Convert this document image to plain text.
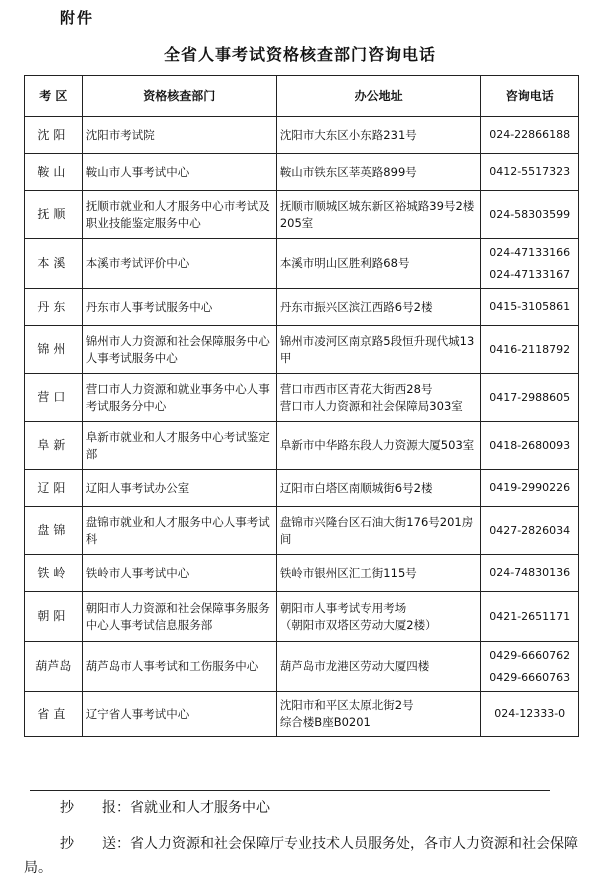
附件
全省人事考试资格核查部门咨询电话
考 区	资格核查部门	办公地址	咨询电话
沈阳	沈阳市考试院	沈阳市大东区小东路231号	024-22866188

鞍山	鞍山市人事考试中心	鞍山市铁东区莘英路899号	0412-5517323

抚顺	抚顺市就业和人才服务中心市考试及职业技能鉴定服务中心	抚顺市顺城区城东新区裕城路39号2楼205室	024-58303599

本溪	本溪市考试评价中心	本溪市明山区胜利路68号	024-47133166
024-47133167

丹东	丹东市人事考试服务中心	丹东市振兴区滨江西路6号2楼	0415-3105861

锦州	锦州市人力资源和社会保障服务中心人事考试服务中心	锦州市凌河区南京路5段恒升现代城13甲	0416-2118792

营口	营口市人力资源和就业事务中心人事考试服务分中心	营口市西市区青花大街西28号
营口市人力资源和社会保障局303室	0417-2988605

阜新	阜新市就业和人才服务中心考试鉴定部	阜新市中华路东段人力资源大厦503室	0418-2680093

辽阳	辽阳人事考试办公室	辽阳市白塔区南顺城街6号2楼	0419-2990226

盘锦	盘锦市就业和人才服务中心人事考试科	盘锦市兴隆台区石油大街176号201房间	0427-2826034

铁岭	铁岭市人事考试中心	铁岭市银州区汇工街115号	024-74830136

朝阳	朝阳市人力资源和社会保障事务服务中心人事考试信息服务部	朝阳市人事考试专用考场
（朝阳市双塔区劳动大厦2楼）	0421-2651171

葫芦岛	葫芦岛市人事考试和工伤服务中心	葫芦岛市龙港区劳动大厦四楼	0429-6660762
0429-6660763

省直	辽宁省人事考试中心	沈阳市和平区太原北街2号
综合楼B座B0201	024-12333-0
抄　　报：省就业和人才服务中心
抄　　送：省人力资源和社会保障厅专业技术人员服务处，各市人力资源和社会保障局。
